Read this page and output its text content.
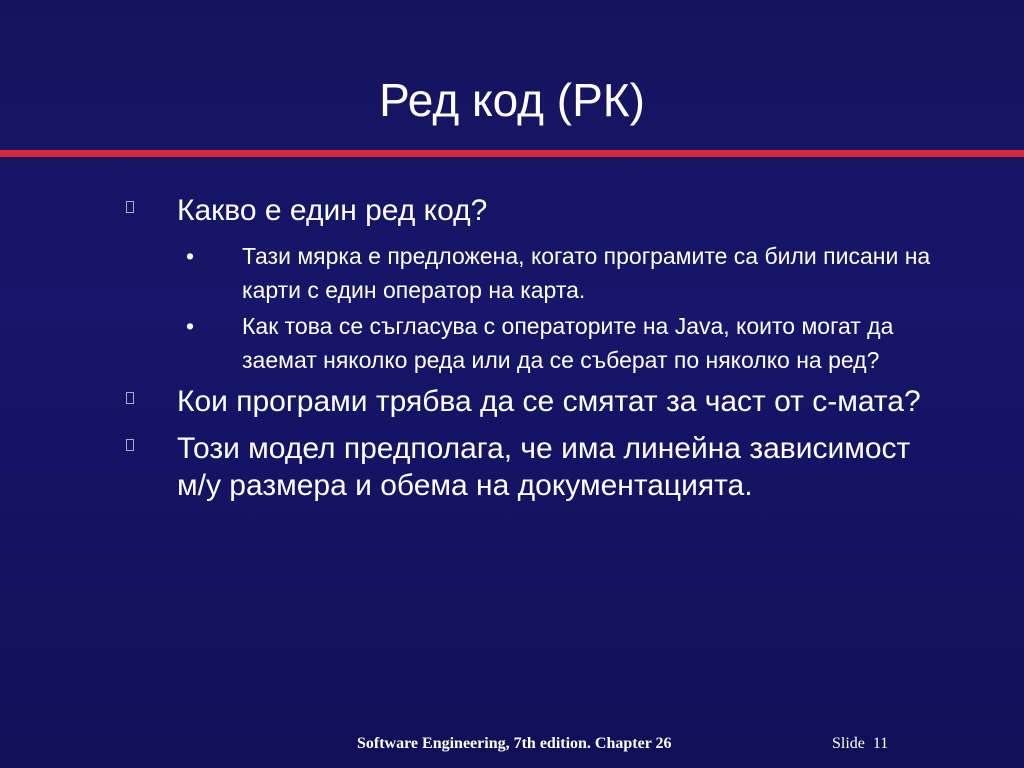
Ред код (РК)
Какво е един ред код?
• Тази мярка е предложена, когато програмите са били писани на карти с един оператор на карта.
• Как това се съгласува с операторите на Java, които могат да заемат няколко реда или да се съберат по няколко на ред?
Кои програми трябва да се смятат за част от с-мата?
Този модел предполага, че има линейна зависимост м/у размера и обема на документацията.
Software Engineering, 7th edition. Chapter 26	Slide  11
